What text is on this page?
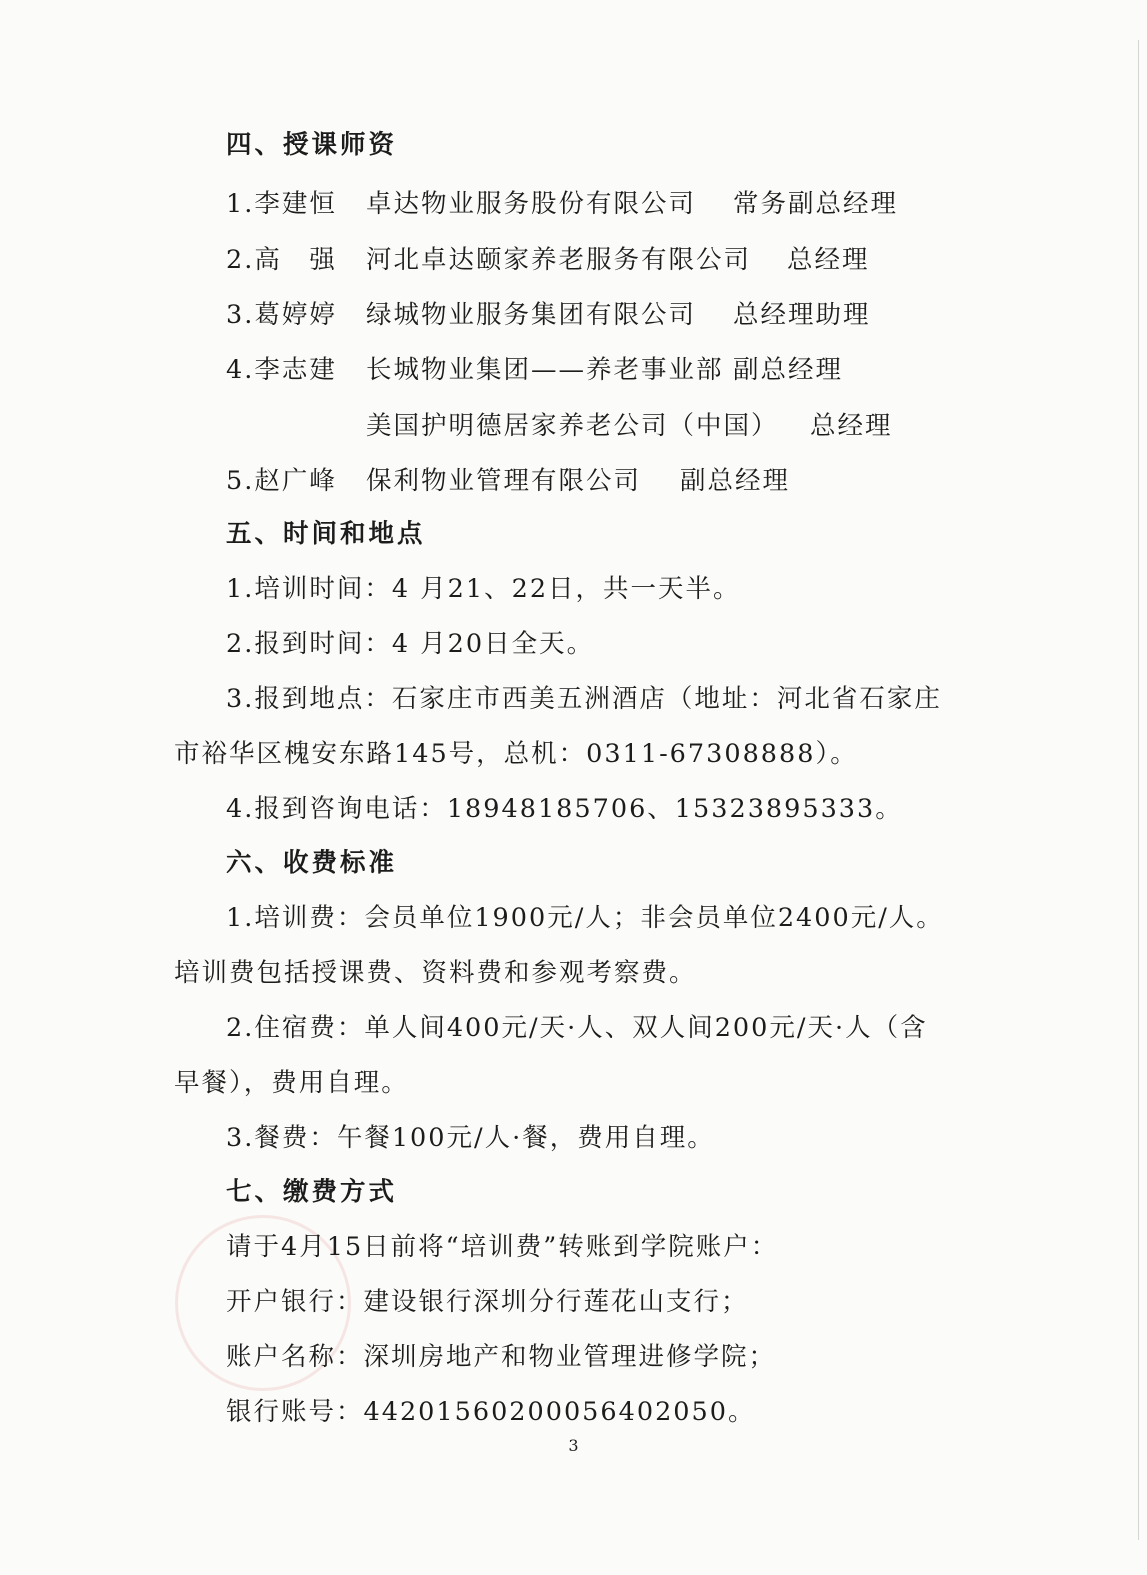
四、授课师资
1.李建恒 卓达物业服务股份有限公司 常务副总经理
2.高　强 河北卓达颐家养老服务有限公司 总经理
3.葛婷婷 绿城物业服务集团有限公司 总经理助理
4.李志建 长城物业集团——养老事业部 副总经理
美国护明德居家养老公司（中国） 总经理
5.赵广峰 保利物业管理有限公司 副总经理
五、时间和地点
1.培训时间：4 月21、22日，共一天半。
2.报到时间：4 月20日全天。
3.报到地点：石家庄市西美五洲酒店（地址：河北省石家庄
市裕华区槐安东路145号，总机：0311-67308888）。
4.报到咨询电话：18948185706、15323895333。
六、收费标准
1.培训费：会员单位1900元/人；非会员单位2400元/人。
培训费包括授课费、资料费和参观考察费。
2.住宿费：单人间400元/天·人、双人间200元/天·人（含
早餐），费用自理。
3.餐费：午餐100元/人·餐，费用自理。
七、缴费方式
请于4月15日前将“培训费”转账到学院账户：
开户银行：建设银行深圳分行莲花山支行；
账户名称：深圳房地产和物业管理进修学院；
银行账号：44201560200056402050。
3
